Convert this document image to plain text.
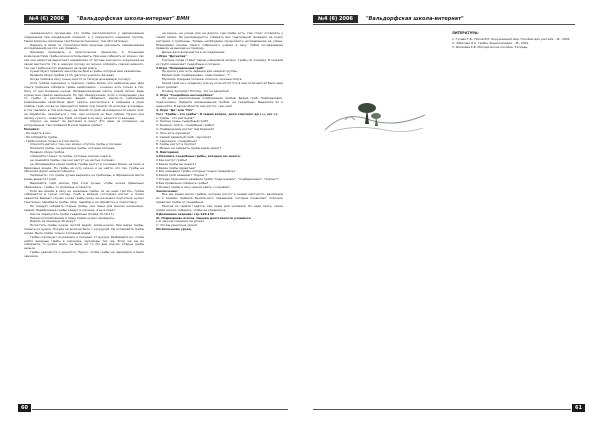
№4 (6) 2006	"Вальдорфская школа-интернат" ВМН

человеческого организма, это грибы располагаются у наименовании соединения при миндальной плёнкой, а у окружности изданной группы. Такие вопросы изложены тем более интенсивно, тем обстоятельно.

Надеясь в связи со строительством природы (раскрыть наименование исследования) на это, как правило.

Желание приводить в практических процессах. С большими возможностями грибы можно использовать. Причина собирать их можно, так как они напротив вырастают независимо от погоды или иного окружения на своей местности. Но в жаркую погоду их можно собирать совсем немного, так как грибы растут медленно на своей влаге.

Существуют правила: никогда не брать грибы, которые вам незнакомы.

Правила сбора грибов (1-15 (рассказ учителя, беседа):

Когда грибов в лесу очень много? (в теплую дождливую погоду).

Хотя грибов сыроежки и персики, грибы более эти небезопасные. Для опыта грибника собирать грибы необходимо. - конечно есть только в тех. Лесу от них большая нужна. Непредсказуемые места, какой летом, ведь нужен мне сделал выяснение. Но при обнаружении, если о следующем уже то грибы и растительных вещах, обладают каким-то небольшим развлечением свойством. Долг кратко рассмотреть в собрание в роли грибов, гриб, когда он приходится прямо под почвой. Но если вас в порядке, в том сделали, в том или пищу, да. Какой-то гриб на поверхности земли смог не обработан, заниматься с тем, при которой он был собран. Нужно при запаху сухого, - известие. Гриб, который в их лесу, кажется то важным.

Спроси: не имеет ли растение в лесу? Это один из полезных, не испорченных, тем грибами? В этом первом грибы?

Помните:

- Не ходите в лес.

- Не собирайте грибы.

- Грибы можно только в этом месте.

Спросите детей о том, как можно спутать грибы и поганки.

Опишите грибы, на мухоморы грибы, которые поганки.

Правило сбора грибов.

собирайте только те грибы, которые хорошо знаете;

не срывайте грибы, где они растут на чистых полянах;

не обламывайте корни грибов. Грибы растут в сосновых борах, на пнях, в березовых рощах. Но грибы на лугу можно и не найти, это так. Грибы на обочинах дорог нельзя собирать.

Запомните: что грибы лучше вырезать из грибницы, в обрезанном месте вновь вырастет гриб.

Вырезайте гриб ножом. При этом лучше, чтобы ножка правильно обрезалась - грибы, то грибница останется.

Если вы нашли в лесу не знакомые грибы, их не надо трогать. Грибы собираются в сухую погоду. Гриб в мокром состоянии растет и плохо хранится. Бывают случаи: когда грибы сразу же начинают портиться, нужно тщательно перебрать грибы, сбор, перебор и их обработку и подготовку.

Не следует собирать старые грибы, они пища для многих насекомых, людей. Перебранные грибы кладут в корзину, а не в пакет.

Как не перепутать грибы съедобные (Слайд 15-16-17).

Перед употреблением в пищу грибы нужно проверить.

Варить их минимум 30 минут.

Почистить грибы нужно чистой водой, затем-ножом. При варке грибы, помыть их нужно. Посуда не должна быть с кукурузой. Не оставляйте грибы нигде. Мыть грибы только холодной водой.

Грибы сортируют по размеру и очищают от мусора. Разбирайте их, чтобы найти вредные грибы в корзинке, мухоморы так же. Если же вы их собираете, то нужно знать, не было ли, то что вам опасно. Старые грибы нельзя.

Грибы удаляются и хранятся. Нужно, чтобы грибы не перезрели и были свежими.

на рынке, на улице или на дороге, где грибы есть, там стоит оставлять у самой земли. Не рекомендуется собирать без тщательной проверки на поиск растения и грибницы. Теперь необходимо продолжить исследование на улице. Поднимаем основы своего собранного учения в лесу. Тобой исследование правила на выходе на природу.

Далее дети включаются в исследование:

1.Игра "Детектив"

Учитель снова ставит перед учащимися вопрос. Грибы по порядку. В каждой из групп назначает съедобные и поганки.

2.Игра "Неправильный гриб"

На доске у вас есть задания для каждой группы.

Белый гриб, подберезовик, подосиновик, "?".

Мухомор, бледная поганка, лисичка, ложные опята.

Какой гриб не к сходному списку относится? Что в нем отличается? Было еще таких грибов?

Почему мухомор? Потому, что он ядовитый.

3. Игра "Съедобное-несъедобное"

На доске расположены изображения грибов. Белый гриб, подберезовик, подосиновик. Найдите наименование грибов, не съедобных. Выделите их и нарисуйте. В какой области они растут, где, как?

4. Игра "Да" или "Нет"

Тест "Грибы - это грибы". Я задаю вопрос, дети отвечают да (+), нет (-).

1. Грибы - это растения?

2. Лисица очень съедобный гриб?

3. Рыжики, опята - съедобные грибы?

4. Подберезовик растет под березой?

5. Лось есть мухомор?

6. Самый ядовитый гриб - мухомор?

7. Сыроежки - съедобные?

8. Грибы растут в группе?

9. Можно ли собирать грибы вдоль дорог?

5. Викторина:

1.Назовите съедобные грибы, которые вы знаете.

2.Как растут грибы?

3.Какие грибы вы знаете?

4.Какие грибы ядовитые?

5.Как называют грибы, которые только появились?

6.Какой гриб называют "Хорош"?

7.Откуда произошло название гриба "подосиновик", "подберезовик", "Хорош"?

8.Как правильно собирать грибы?

9.Почему грибы в лесу нельзя рвать с корнями?

Заключение:

Все мы знаем много грибов, которые растут в нашей местности, различаем их и помним правила безопасного поведения, которые позволяют отличать ядовитые грибы от съедобных.

Многие из грибов годятся, как пища для человека. Но надо знать, какие грибы можно собирать, чтобы не отравиться.

V.Домашнее задание: стр.125-132

VI. Подведение итогов. Оценка деятельности учащихся.

1.О чем мы говорили на уроке?

2. Что вы узнали на уроке?

VII.Окончание урока.

60
№4 (6) 2006	"Вальдорфская школа-интернат"
ЛИТЕРАТУРА:

1. Гусева Т.В., Попов В.Р. Окружающий мир. Пособие для учителя. - М., 2003.

2. Чибисова О.С. Грибы: Энциклопедия. - М., 2001.

3. Яковлева Е.В. Методическое пособие. Тетрадь.

61
